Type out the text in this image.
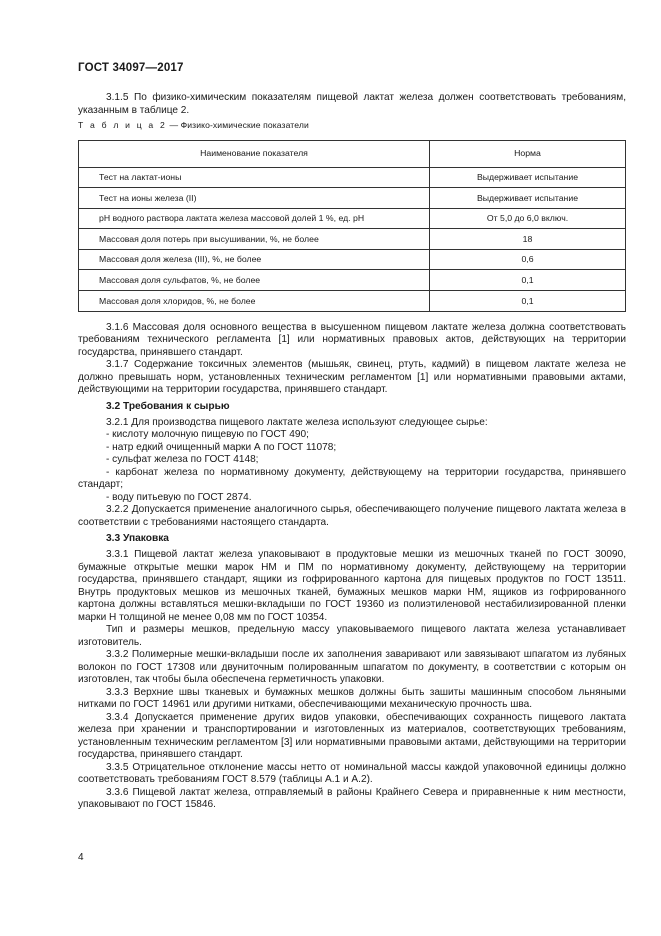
ГОСТ 34097—2017

3.1.5 По физико-химическим показателям пищевой лактат железа должен соответствовать требованиям, указанным в таблице 2.

Т а б л и ц а 2 — Физико-химические показатели
Наименование показателя	Норма
Тест на лактат-ионы	Выдерживает испытание
Тест на ионы железа (II)	Выдерживает испытание
рН водного раствора лактата железа массовой долей 1 %, ед. рН	От 5,0 до 6,0 включ.
Массовая доля потерь при высушивании, %, не более	18
Массовая доля железа (III), %, не более	0,6
Массовая доля сульфатов, %, не более	0,1
Массовая доля хлоридов, %, не более	0,1

3.1.6 Массовая доля основного вещества в высушенном пищевом лактате железа должна соответствовать требованиям технического регламента [1] или нормативных правовых актов, действующих на территории государства, принявшего стандарт.

3.1.7 Содержание токсичных элементов (мышьяк, свинец, ртуть, кадмий) в пищевом лактате железа не должно превышать норм, установленных техническим регламентом [1] или нормативными правовыми актами, действующими на территории государства, принявшего стандарт.

3.2 Требования к сырью

3.2.1 Для производства пищевого лактате железа используют следующее сырье:

- кислоту молочную пищевую по ГОСТ 490;

- натр едкий очищенный марки А по ГОСТ 11078;

- сульфат железа по ГОСТ 4148;

- карбонат железа по нормативному документу, действующему на территории государства, принявшего стандарт;

- воду питьевую по ГОСТ 2874.

3.2.2 Допускается применение аналогичного сырья, обеспечивающего получение пищевого лактата железа в соответствии с требованиями настоящего стандарта.

3.3 Упаковка

3.3.1 Пищевой лактат железа упаковывают в продуктовые мешки из мешочных тканей по ГОСТ 30090, бумажные открытые мешки марок НМ и ПМ по нормативному документу, действующему на территории государства, принявшего стандарт, ящики из гофрированного картона для пищевых продуктов по ГОСТ 13511. Внутрь продуктовых мешков из мешочных тканей, бумажных мешков марки НМ, ящиков из гофрированного картона должны вставляться мешки-вкладыши по ГОСТ 19360 из полиэтиленовой нестабилизированной пленки марки Н толщиной не менее 0,08 мм по ГОСТ 10354.

Тип и размеры мешков, предельную массу упаковываемого пищевого лактата железа устанавливает изготовитель.

3.3.2 Полимерные мешки-вкладыши после их заполнения заваривают или завязывают шпагатом из лубяных волокон по ГОСТ 17308 или двуниточным полированным шпагатом по документу, в соответствии с которым он изготовлен, так чтобы была обеспечена герметичность упаковки.

3.3.3 Верхние швы тканевых и бумажных мешков должны быть зашиты машинным способом льняными нитками по ГОСТ 14961 или другими нитками, обеспечивающими механическую прочность шва.

3.3.4 Допускается применение других видов упаковки, обеспечивающих сохранность пищевого лактата железа при хранении и транспортировании и изготовленных из материалов, соответствующих требованиям, установленным техническим регламентом [3] или нормативными правовыми актами, действующими на территории государства, принявшего стандарт.

3.3.5 Отрицательное отклонение массы нетто от номинальной массы каждой упаковочной единицы должно соответствовать требованиям ГОСТ 8.579 (таблицы А.1 и А.2).

3.3.6 Пищевой лактат железа, отправляемый в районы Крайнего Севера и приравненные к ним местности, упаковывают по ГОСТ 15846.

4
